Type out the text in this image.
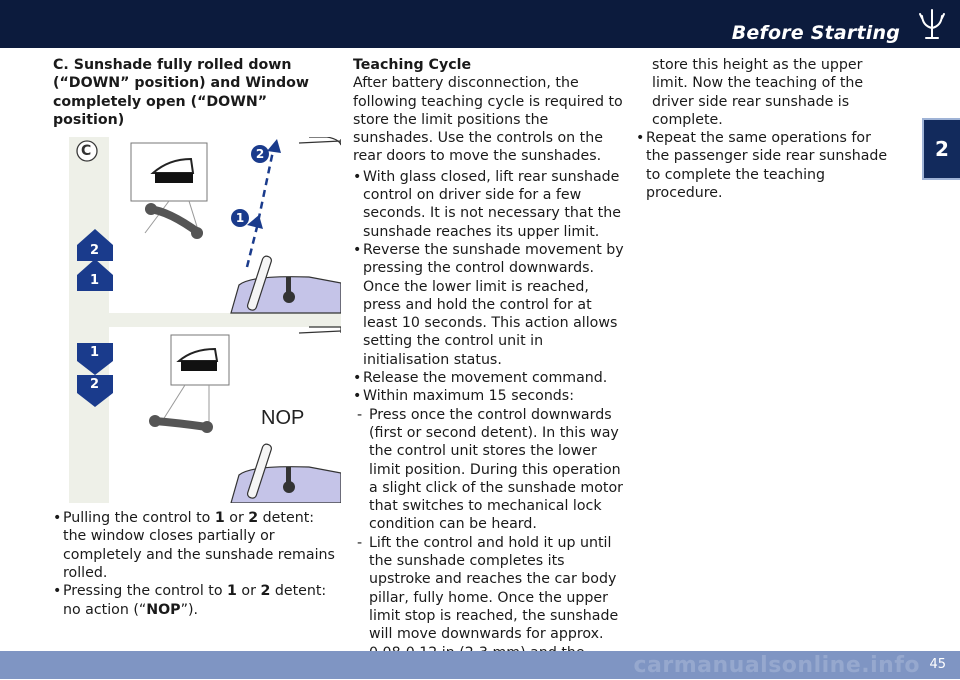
Before Starting
2

C. Sunshade fully rolled down (“DOWN” position) and Window completely open (“DOWN” position)

C
2
1
1
2
2
1
NOP

• Pulling the control to 1 or 2 detent: the window closes partially or completely and the sunshade remains rolled.

• Pressing the control to 1 or 2 detent: no action (“NOP”).

Teaching Cycle

After battery disconnection, the following teaching cycle is required to store the limit positions the sunshades. Use the controls on the rear doors to move the sunshades.

• With glass closed, lift rear sunshade control on driver side for a few seconds. It is not necessary that the sunshade reaches its upper limit.

• Reverse the sunshade movement by pressing the control downwards. Once the lower limit is reached, press and hold the control for at least 10 seconds. This action allows setting the control unit in initialisation status.

• Release the movement command.

• Within maximum 15 seconds:

- Press once the control downwards (first or second detent). In this way the control unit stores the lower limit position. During this operation a slight click of the sunshade motor that switches to mechanical lock condition can be heard.

- Lift the control and hold it up until the sunshade completes its upstroke and reaches the car body pillar, fully home. Once the upper limit stop is reached, the sunshade will move downwards for approx.

store this height as the upper limit. Now the teaching of the driver side rear sunshade is complete.

• Repeat the same operations for the passenger side rear sunshade to complete the teaching procedure.

carmanualsonline.info 45
